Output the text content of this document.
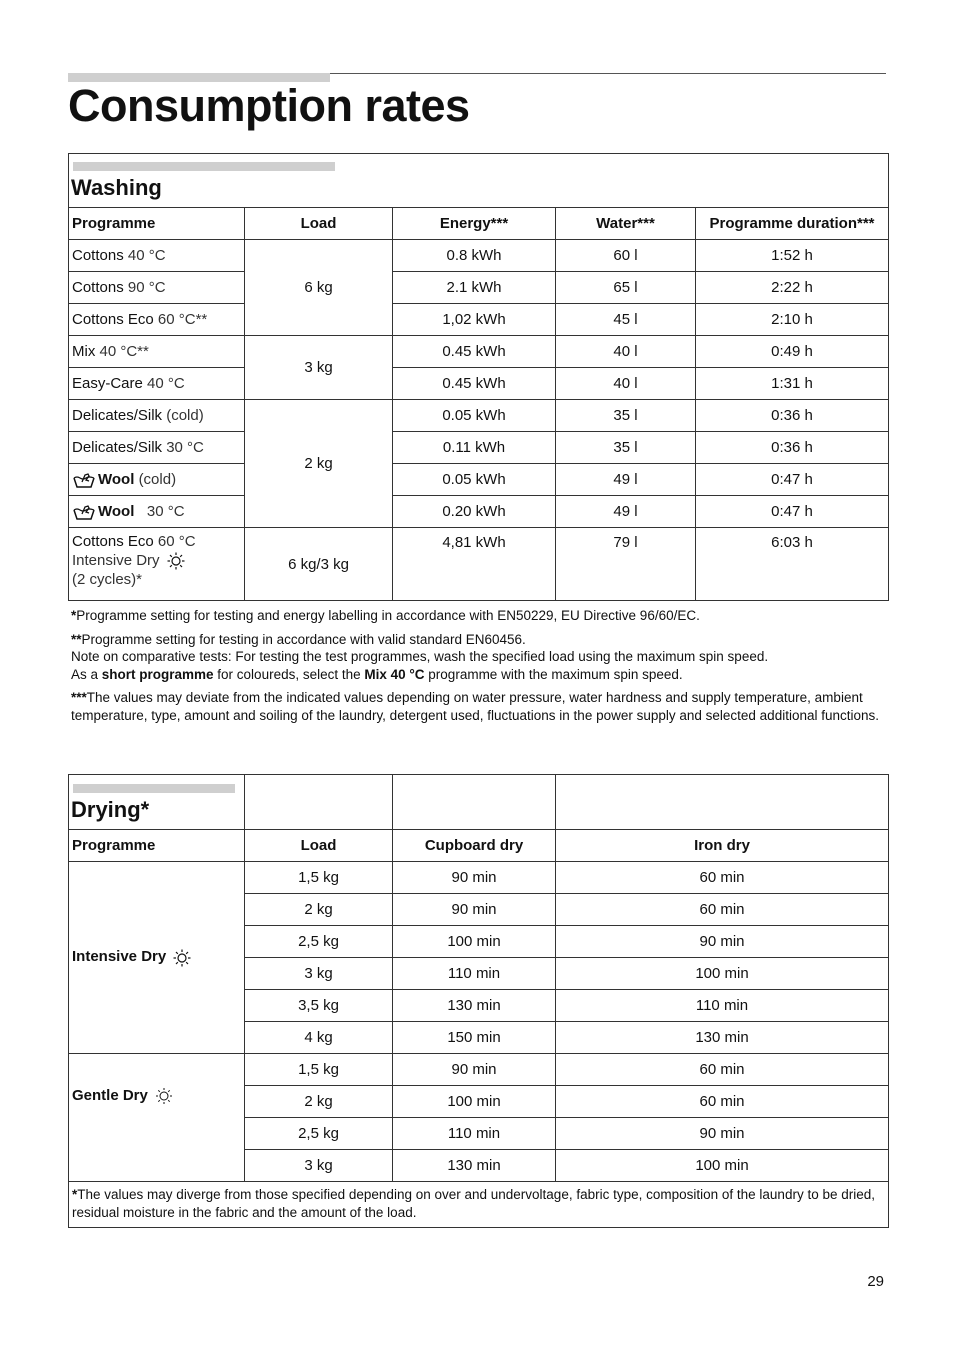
Consumption rates
Washing				

Programme	Load	Energy***	Water***	Programme duration***
Cottons 40 °C	6 kg	0.8 kWh	60 l	1:52 h
Cottons 90 °C		2.1 kWh	65 l	2:22 h
Cottons Eco 60 °C**		1,02 kWh	45 l	2:10 h
Mix 40 °C**	3 kg	0.45 kWh	40 l	0:49 h
Easy-Care 40 °C		0.45 kWh	40 l	1:31 h
Delicates/Silk (cold)	2 kg	0.05 kWh	35 l	0:36 h
Delicates/Silk 30 °C		0.11 kWh	35 l	0:36 h
Wool (cold)		0.05 kWh	49 l	0:47 h
Wool 30 °C		0.20 kWh	49 l	0:47 h
Cottons Eco 60 °C
Intensive Dry
(2 cycles)*	6 kg/3 kg	4,81 kWh	79 l	6:03 h

*Programme setting for testing and energy labelling in accordance with EN50229, EU Directive 96/60/EC.

**Programme setting for testing in accordance with valid standard EN60456.

Note on comparative tests: For testing the test programmes, wash the specified load using the maximum spin speed.

As a short programme for coloureds, select the Mix 40 °C programme with the maximum spin speed.

***The values may deviate from the indicated values depending on water pressure, water hardness and supply temperature, ambient temperature, type, amount and soiling of the laundry, detergent used, fluctuations in the power supply and selected additional functions.

Drying*			

Programme	Load	Cupboard dry	Iron dry
Intensive Dry	1,5 kg	90 min	60 min
	2 kg	90 min	60 min
	2,5 kg	100 min	90 min
	3 kg	110 min	100 min
	3,5 kg	130 min	110 min
	4 kg	150 min	130 min
Gentle Dry	1,5 kg	90 min	60 min
	2 kg	100 min	60 min
	2,5 kg	110 min	90 min
	3 kg	130 min	100 min
*The values may diverge from those specified depending on over and undervoltage, fabric type, composition of the laundry to be dried, residual moisture in the fabric and the amount of the load.			
29
